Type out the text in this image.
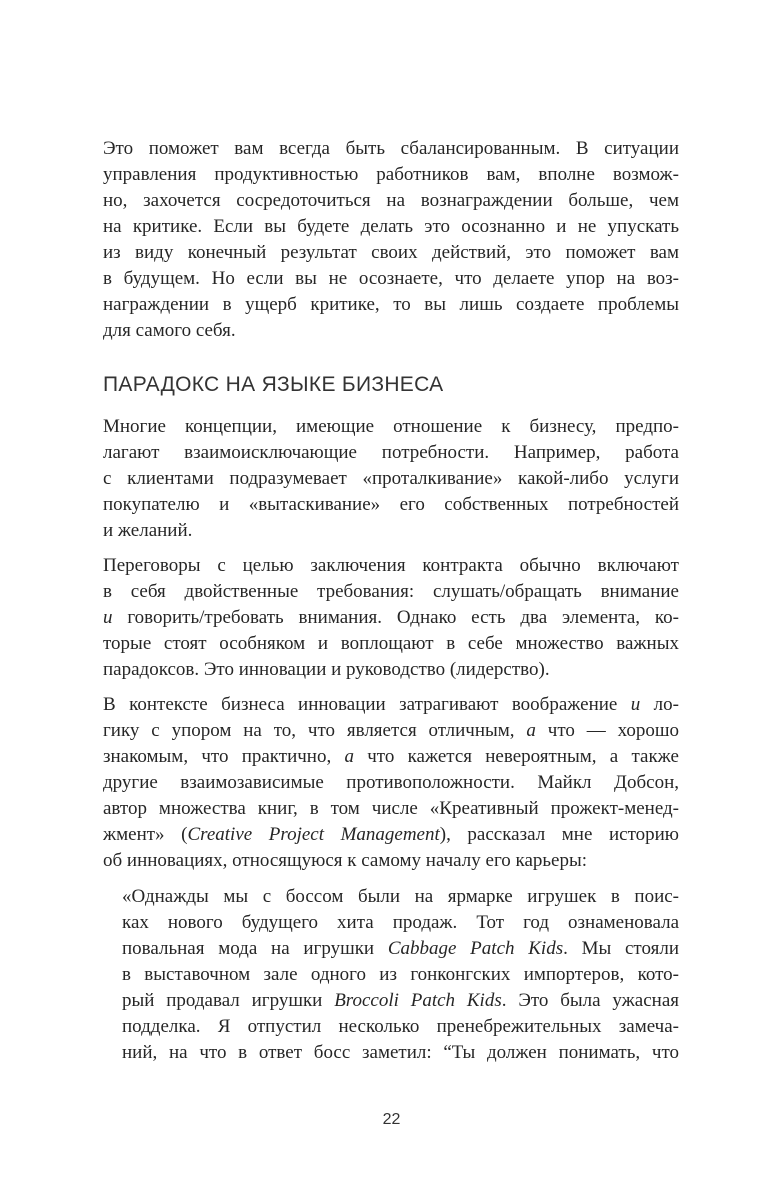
Это поможет вам всегда быть сбалансированным. В ситуации
управления продуктивностью работников вам, вполне возмож-
но, захочется сосредоточиться на вознаграждении больше, чем
на критике. Если вы будете делать это осознанно и не упускать
из виду конечный результат своих действий, это поможет вам
в будущем. Но если вы не осознаете, что делаете упор на воз-
награждении в ущерб критике, то вы лишь создаете проблемы
для самого себя.
ПАРАДОКС НА ЯЗЫКЕ БИЗНЕСА
Многие концепции, имеющие отношение к бизнесу, предпо-
лагают взаимоисключающие потребности. Например, работа
с клиентами подразумевает «проталкивание» какой-либо услуги
покупателю и «вытаскивание» его собственных потребностей
и желаний.
Переговоры с целью заключения контракта обычно включают
в себя двойственные требования: слушать/обращать внимание
и говорить/требовать внимания. Однако есть два элемента, ко-
торые стоят особняком и воплощают в себе множество важных
парадоксов. Это инновации и руководство (лидерство).
В контексте бизнеса инновации затрагивают воображение и ло-
гику с упором на то, что является отличным, а что — хорошо
знакомым, что практично, а что кажется невероятным, а также
другие взаимозависимые противоположности. Майкл Добсон,
автор множества книг, в том числе «Креативный прожект-менед-
жмент» (Creative Project Management), рассказал мне историю
об инновациях, относящуюся к самому началу его карьеры:
«Однажды мы с боссом были на ярмарке игрушек в поис-
ках нового будущего хита продаж. Тот год ознаменовала
повальная мода на игрушки Cabbage Patch Kids. Мы стояли
в выставочном зале одного из гонконгских импортеров, кото-
рый продавал игрушки Broccoli Patch Kids. Это была ужасная
подделка. Я отпустил несколько пренебрежительных замеча-
ний, на что в ответ босс заметил: “Ты должен понимать, что
22
